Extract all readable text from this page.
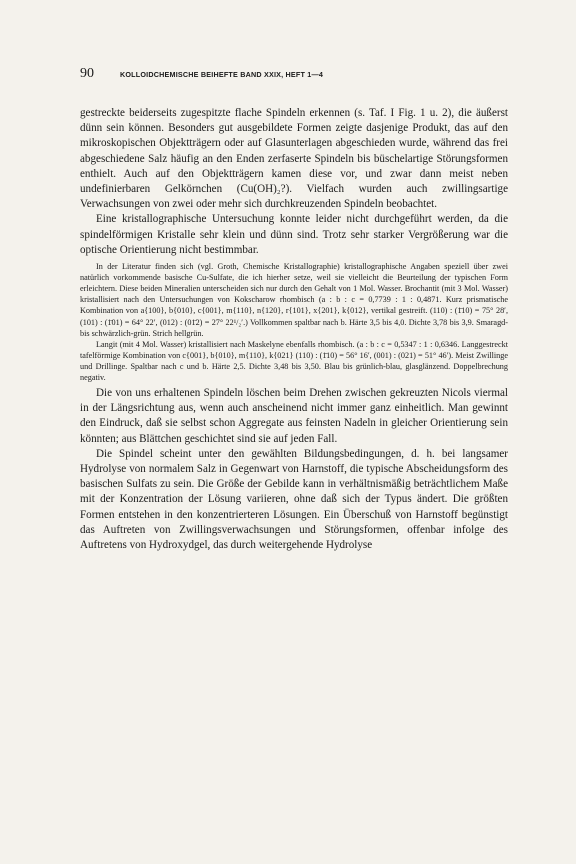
90	KOLLOIDCHEMISCHE BEIHEFTE BAND XXIX, HEFT 1—4

gestreckte beiderseits zugespitzte flache Spindeln erkennen (s. Taf. I Fig. 1 u. 2), die äußerst dünn sein können. Besonders gut ausgebildete Formen zeigte dasjenige Produkt, das auf den mikroskopischen Objektträgern oder auf Glasunterlagen abgeschieden wurde, während das frei abgeschiedene Salz häufig an den Enden zerfaserte Spindeln bis büschelartige Störungsformen enthielt. Auch auf den Objektträgern kamen diese vor, und zwar dann meist neben undefinierbaren Gelkörnchen (Cu(OH)₂?). Vielfach wurden auch zwillingsartige Verwachsungen von zwei oder mehr sich durchkreuzenden Spindeln beobachtet.

Eine kristallographische Untersuchung konnte leider nicht durchgeführt werden, da die spindelförmigen Kristalle sehr klein und dünn sind. Trotz sehr starker Vergrößerung war die optische Orientierung nicht bestimmbar.

In der Literatur finden sich (vgl. Groth, Chemische Kristallographie) kristallographische Angaben speziell über zwei natürlich vorkommende basische Cu-Sulfate, die ich hierher setze, weil sie vielleicht die Beurteilung der typischen Form erleichtern. Diese beiden Mineralien unterscheiden sich nur durch den Gehalt von 1 Mol. Wasser. Brochantit (mit 3 Mol. Wasser) kristallisiert nach den Untersuchungen von Kokscharow rhombisch (a : b : c = 0,7739 : 1 : 0,4871. Kurz prismatische Kombination von a{100}, b{010}, c{001}, m{110}, n{120}, r{101}, x{201}, k{012}, vertikal gestreift. (110) : (1̄10) = 75° 28′, (101) : (1̄01) = 64° 22′, (012) : (01̄2) = 27° 22¹/₂′.) Vollkommen spaltbar nach b. Härte 3,5 bis 4,0. Dichte 3,78 bis 3,9. Smaragd- bis schwärzlich-grün. Strich hellgrün.

Langit (mit 4 Mol. Wasser) kristallisiert nach Maskelyne ebenfalls rhombisch. (a : b : c = 0,5347 : 1 : 0,6346. Langgestreckt tafelförmige Kombination von c{001}, b{010}, m{110}, k{021} (110) : (1̄10) = 56° 16′, (001) : (021) = 51° 46′). Meist Zwillinge und Drillinge. Spaltbar nach c und b. Härte 2,5. Dichte 3,48 bis 3,50. Blau bis grünlich-blau, glasglänzend. Doppelbrechung negativ.

Die von uns erhaltenen Spindeln löschen beim Drehen zwischen gekreuzten Nicols viermal in der Längsrichtung aus, wenn auch anscheinend nicht immer ganz einheitlich. Man gewinnt den Eindruck, daß sie selbst schon Aggregate aus feinsten Nadeln in gleicher Orientierung sein könnten; aus Blättchen geschichtet sind sie auf jeden Fall.

Die Spindel scheint unter den gewählten Bildungsbedingungen, d. h. bei langsamer Hydrolyse von normalem Salz in Gegenwart von Harnstoff, die typische Abscheidungsform des basischen Sulfats zu sein. Die Größe der Gebilde kann in verhältnismäßig beträchtlichem Maße mit der Konzentration der Lösung variieren, ohne daß sich der Typus ändert. Die größten Formen entstehen in den konzentrierteren Lösungen. Ein Überschuß von Harnstoff begünstigt das Auftreten von Zwillingsverwachsungen und Störungsformen, offenbar infolge des Auftretens von Hydroxydgel, das durch weitergehende Hydrolyse
